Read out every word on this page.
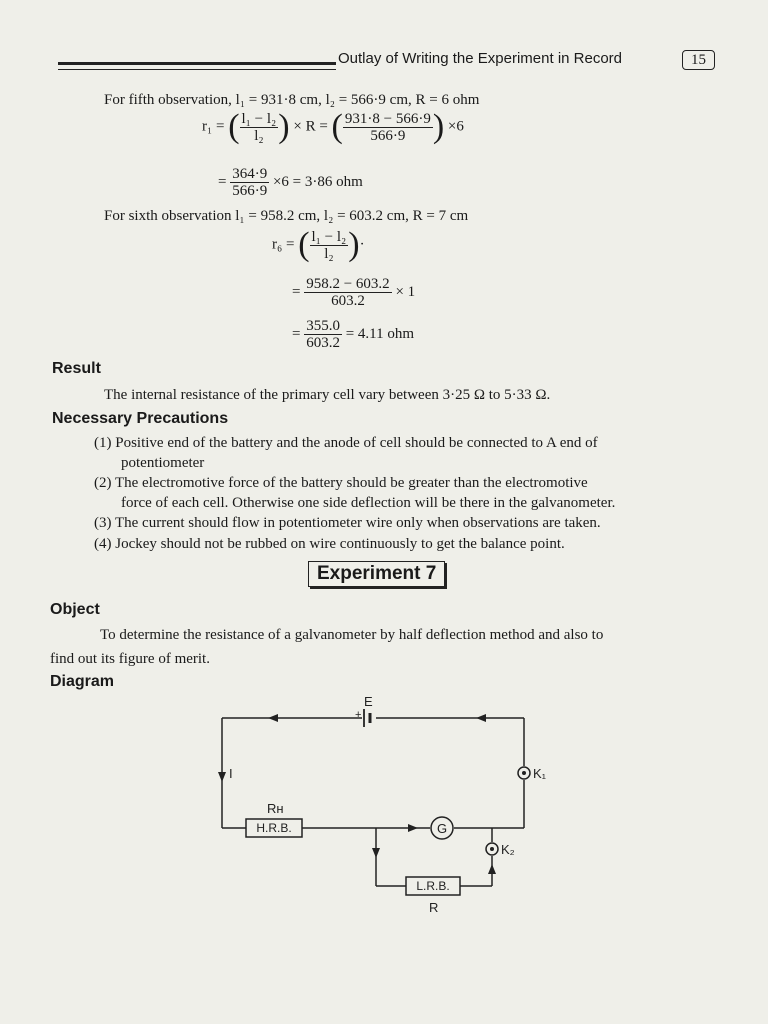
Outlay of Writing the Experiment in Record	15
For fifth observation, l₁ = 931·8 cm, l₂ = 566·9 cm, R = 6 ohm
r₁ = ( $\frac{\text{l₁ − l₂}}{\text{l₂}}$ ) × R = ( $\frac{931\cdot 8 - 566\cdot 9}{566\cdot 9}$ ) ×6
= $\frac{364\cdot 9}{566\cdot 9} \times 6 = 3\cdot 86$ ohm
For sixth observation l₁ = 958.2 cm, l₂ = 603.2 cm, R = 7 cm
r₆ = ( $\frac{\text{l₁ − l₂}}{\text{l₂}}$ )·
= $\frac{958.2 - 603.2}{603.2} \times 1$
= $\frac{355.0}{603.2} = 4.11$ ohm
Result
The internal resistance of the primary cell vary between 3·25 Ω to 5·33 Ω.
Necessary Precautions
(1) Positive end of the battery and the anode of cell should be connected to A end of
potentiometer
(2) The electromotive force of the battery should be greater than the electromotive
force of each cell. Otherwise one side deflection will be there in the galvanometer.
(3) The current should flow in potentiometer wire only when observations are taken.
(4) Jockey should not be rubbed on wire continuously to get the balance point.
Experiment 7
Object
To determine the resistance of a galvanometer by half deflection method and also to
find out its figure of merit.
Diagram
+
E
I	K₁
H.R.B.
Rн
G
K₂
L.R.B.
R
